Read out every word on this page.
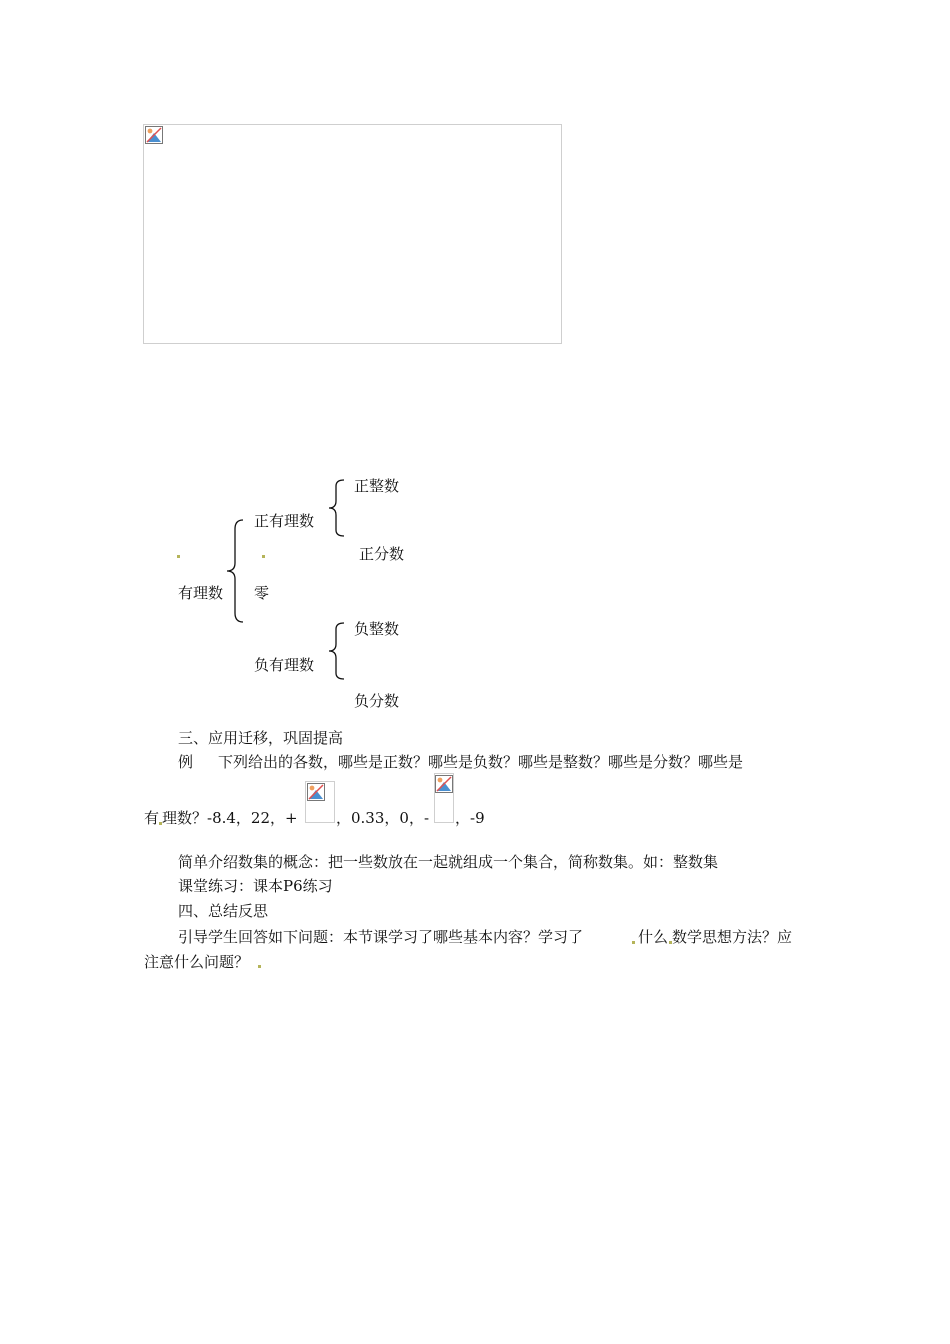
有理数
正有理数
正整数
正分数
零
负有理数
负整数
负分数
三、应用迁移，巩固提高
例 下列给出的各数，哪些是正数？哪些是负数？哪些是整数？哪些是分数？哪些是
有 理数？-8.4，22，+	，0.33，0，- ，-9
简单介绍数集的概念：把一些数放在一起就组成一个集合，简称数集。如：整数集
课堂练习：课本P6练习
四、总结反思
引导学生回答如下问题：本节课学习了哪些基本内容？学习了	什么 数学思想方法？应
注意什么问题？
